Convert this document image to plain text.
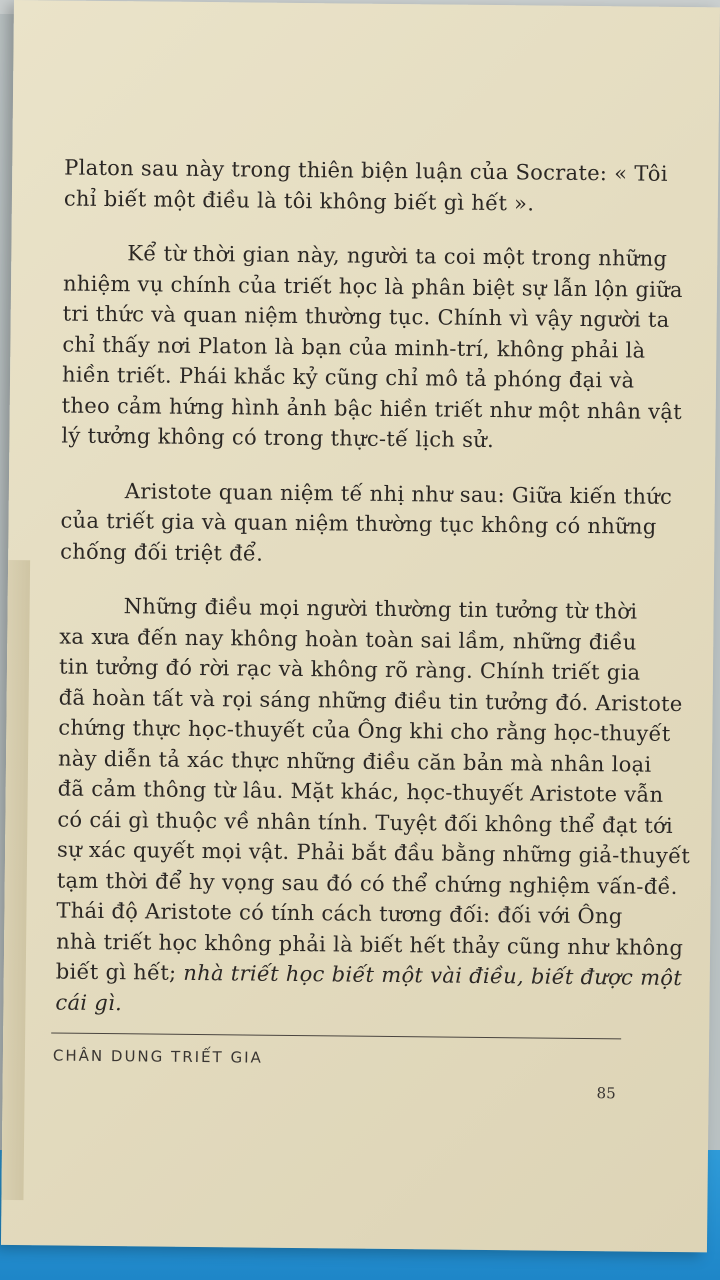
Platon sau này trong thiên biện luận của Socrate: « Tôi
chỉ biết một điều là tôi không biết gì hết ».

Kể từ thời gian này, người ta coi một trong những
nhiệm vụ chính của triết học là phân biệt sự lẫn lộn giữa
tri thức và quan niệm thường tục. Chính vì vậy người ta
chỉ thấy nơi Platon là bạn của minh-trí, không phải là
hiền triết. Phái khắc kỷ cũng chỉ mô tả phóng đại và
theo cảm hứng hình ảnh bậc hiền triết như một nhân vật
lý tưởng không có trong thực-tế lịch sử.

Aristote quan niệm tế nhị như sau: Giữa kiến thức
của triết gia và quan niệm thường tục không có những
chống đối triệt để.

Những điều mọi người thường tin tưởng từ thời
xa xưa đến nay không hoàn toàn sai lầm, những điều
tin tưởng đó rời rạc và không rõ ràng. Chính triết gia
đã hoàn tất và rọi sáng những điều tin tưởng đó. Aristote
chứng thực học-thuyết của Ông khi cho rằng học-thuyết
này diễn tả xác thực những điều căn bản mà nhân loại
đã cảm thông từ lâu. Mặt khác, học-thuyết Aristote vẫn
có cái gì thuộc về nhân tính. Tuyệt đối không thể đạt tới
sự xác quyết mọi vật. Phải bắt đầu bằng những giả-thuyết
tạm thời để hy vọng sau đó có thể chứng nghiệm vấn-đề.
Thái độ Aristote có tính cách tương đối: đối với Ông
nhà triết học không phải là biết hết thảy cũng như không
biết gì hết; nhà triết học biết một vài điều, biết được một
cái gì.

CHÂN DUNG TRIẾT GIA
85
